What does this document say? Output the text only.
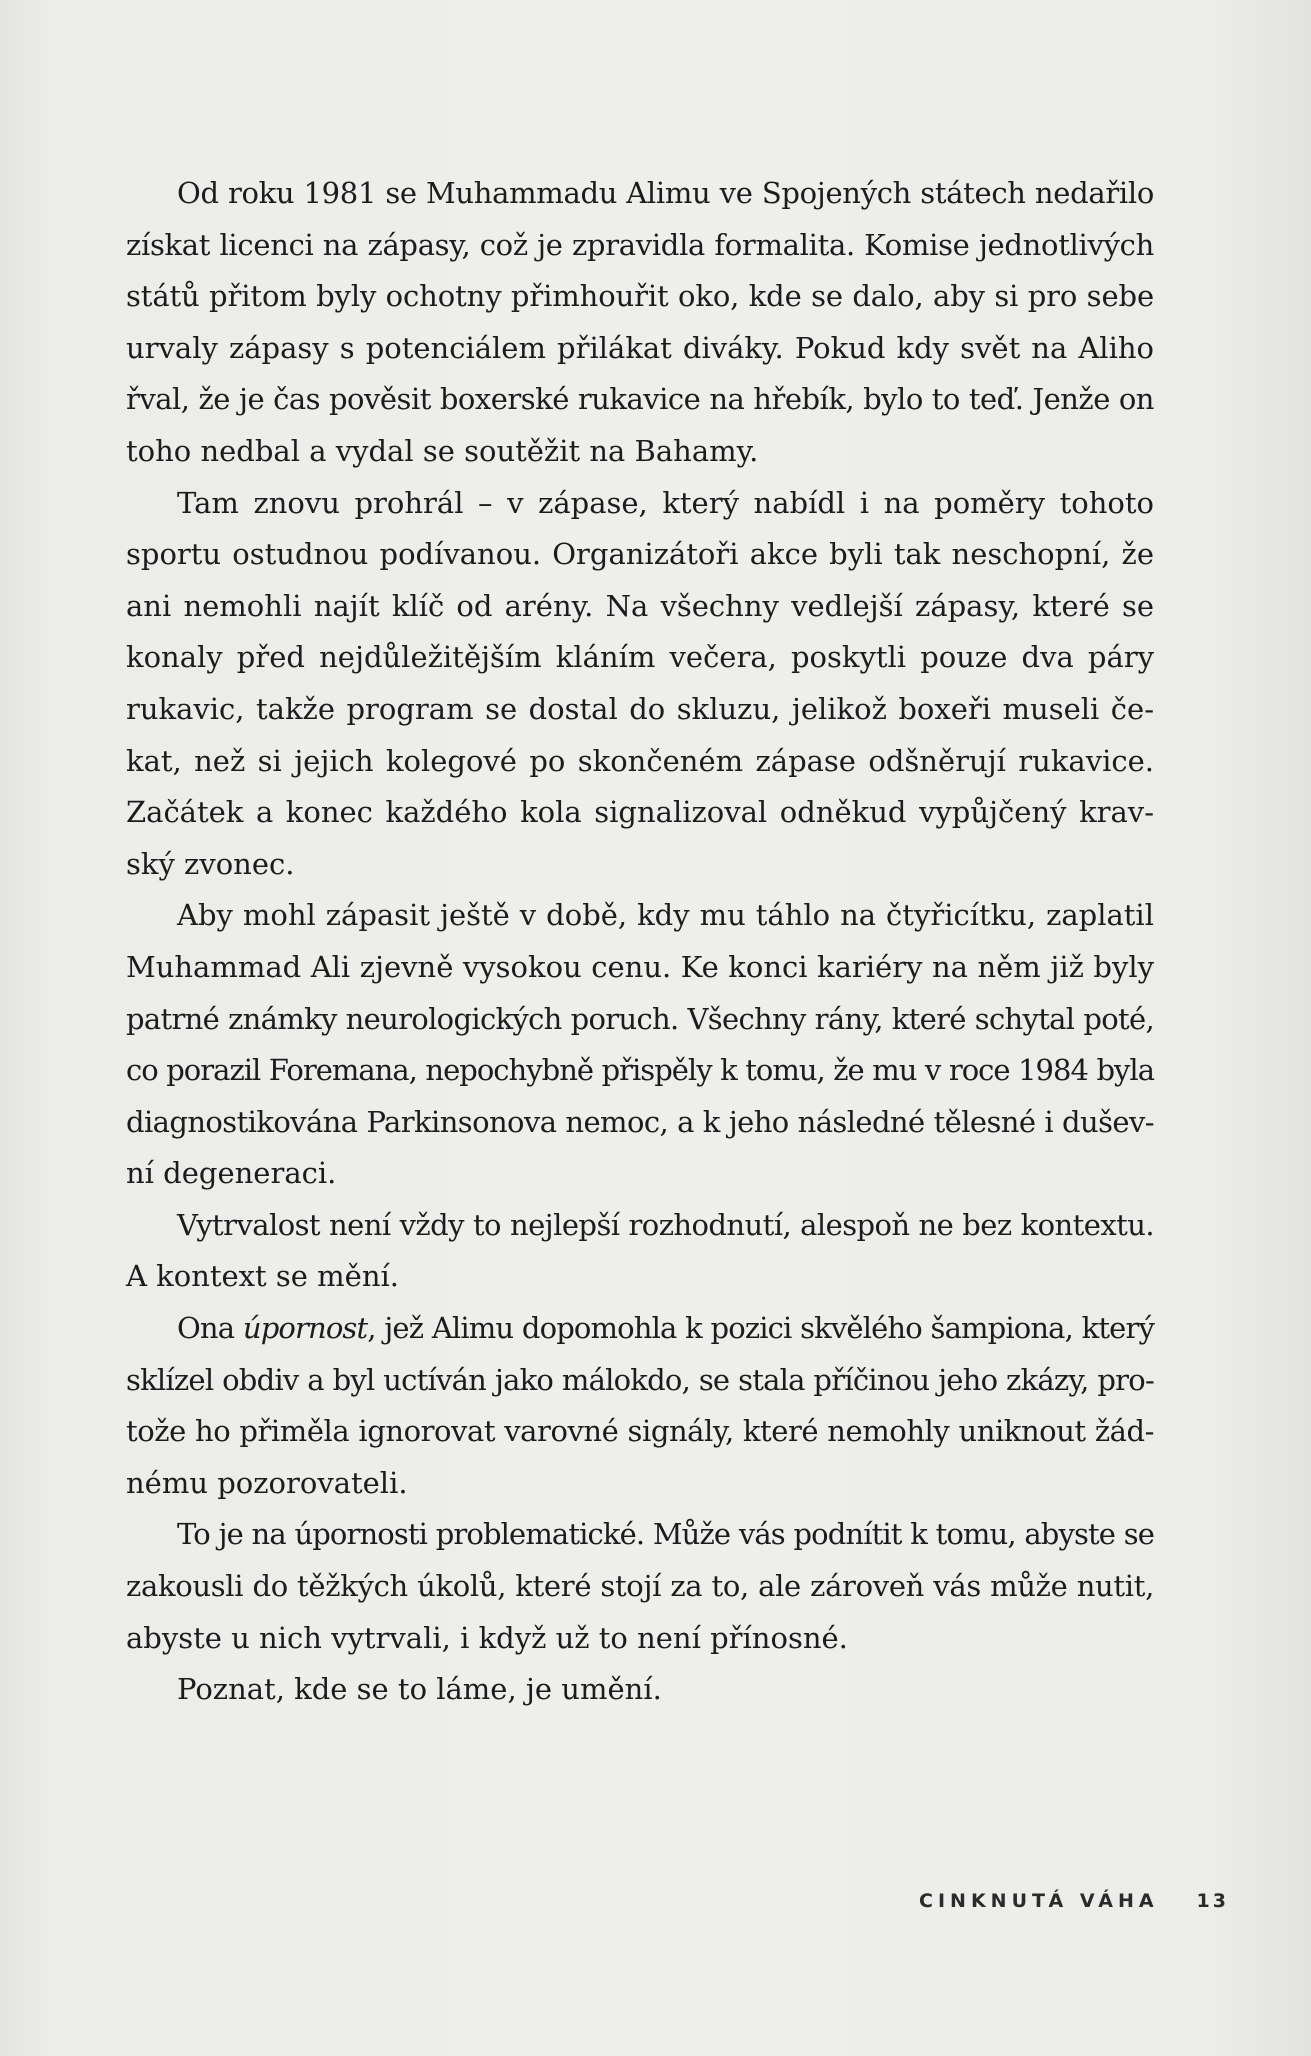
Od roku 1981 se Muhammadu Alimu ve Spojených státech nedařilo
získat licenci na zápasy, což je zpravidla formalita. Komise jednotlivých
států přitom byly ochotny přimhouřit oko, kde se dalo, aby si pro sebe
urvaly zápasy s potenciálem přilákat diváky. Pokud kdy svět na Aliho
řval, že je čas pověsit boxerské rukavice na hřebík, bylo to teď. Jenže on
toho nedbal a vydal se soutěžit na Bahamy.

Tam znovu prohrál – v zápase, který nabídl i na poměry tohoto
sportu ostudnou podívanou. Organizátoři akce byli tak neschopní, že
ani nemohli najít klíč od arény. Na všechny vedlejší zápasy, které se
konaly před nejdůležitějším kláním večera, poskytli pouze dva páry
rukavic, takže program se dostal do skluzu, jelikož boxeři museli če-
kat, než si jejich kolegové po skončeném zápase odšněrují rukavice.
Začátek a konec každého kola signalizoval odněkud vypůjčený krav-
ský zvonec.

Aby mohl zápasit ještě v době, kdy mu táhlo na čtyřicítku, zaplatil
Muhammad Ali zjevně vysokou cenu. Ke konci kariéry na něm již byly
patrné známky neurologických poruch. Všechny rány, které schytal poté,
co porazil Foremana, nepochybně přispěly k tomu, že mu v roce 1984 byla
diagnostikována Parkinsonova nemoc, a k jeho následné tělesné i dušev-
ní degeneraci.

Vytrvalost není vždy to nejlepší rozhodnutí, alespoň ne bez kontextu.
A kontext se mění.

Ona úpornost, jež Alimu dopomohla k pozici skvělého šampiona, který
sklízel obdiv a byl uctíván jako málokdo, se stala příčinou jeho zkázy, pro-
tože ho přiměla ignorovat varovné signály, které nemohly uniknout žád-
nému pozorovateli.

To je na úpornosti problematické. Může vás podnítit k tomu, abyste se
zakousli do těžkých úkolů, které stojí za to, ale zároveň vás může nutit,
abyste u nich vytrvali, i když už to není přínosné.

Poznat, kde se to láme, je umění.

CINKNUTÁ VÁHA 13
